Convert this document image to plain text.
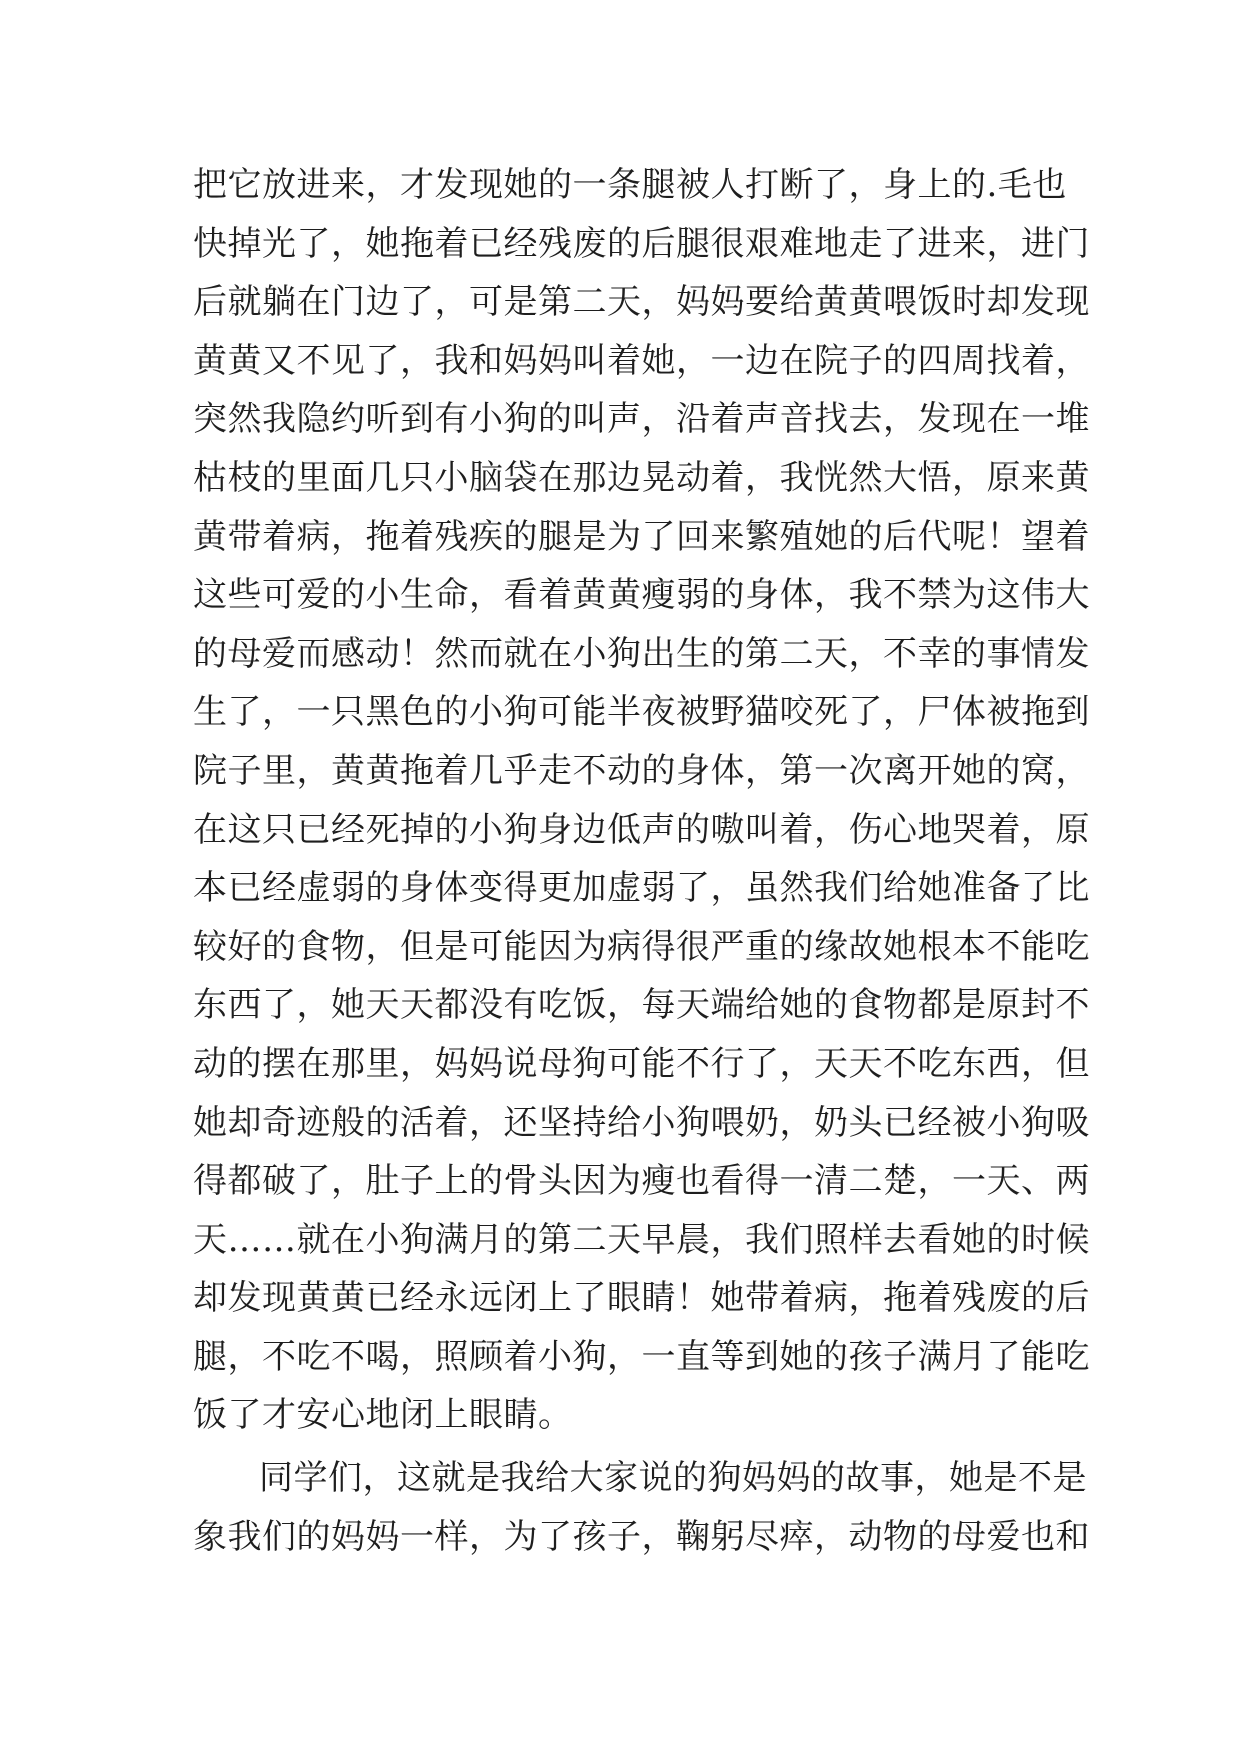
把它放进来，才发现她的一条腿被人打断了，身上的.毛也
快掉光了，她拖着已经残废的后腿很艰难地走了进来，进门
后就躺在门边了，可是第二天，妈妈要给黄黄喂饭时却发现
黄黄又不见了，我和妈妈叫着她，一边在院子的四周找着，
突然我隐约听到有小狗的叫声，沿着声音找去，发现在一堆
枯枝的里面几只小脑袋在那边晃动着，我恍然大悟，原来黄
黄带着病，拖着残疾的腿是为了回来繁殖她的后代呢！望着
这些可爱的小生命，看着黄黄瘦弱的身体，我不禁为这伟大
的母爱而感动！然而就在小狗出生的第二天，不幸的事情发
生了，一只黑色的小狗可能半夜被野猫咬死了，尸体被拖到
院子里，黄黄拖着几乎走不动的身体，第一次离开她的窝，
在这只已经死掉的小狗身边低声的嗷叫着，伤心地哭着，原
本已经虚弱的身体变得更加虚弱了，虽然我们给她准备了比
较好的食物，但是可能因为病得很严重的缘故她根本不能吃
东西了，她天天都没有吃饭，每天端给她的食物都是原封不
动的摆在那里，妈妈说母狗可能不行了，天天不吃东西，但
她却奇迹般的活着，还坚持给小狗喂奶，奶头已经被小狗吸
得都破了，肚子上的骨头因为瘦也看得一清二楚，一天、两
天……就在小狗满月的第二天早晨，我们照样去看她的时候
却发现黄黄已经永远闭上了眼睛！她带着病，拖着残废的后
腿，不吃不喝，照顾着小狗，一直等到她的孩子满月了能吃
饭了才安心地闭上眼睛。
同学们，这就是我给大家说的狗妈妈的故事，她是不是
象我们的妈妈一样，为了孩子，鞠躬尽瘁，动物的母爱也和
